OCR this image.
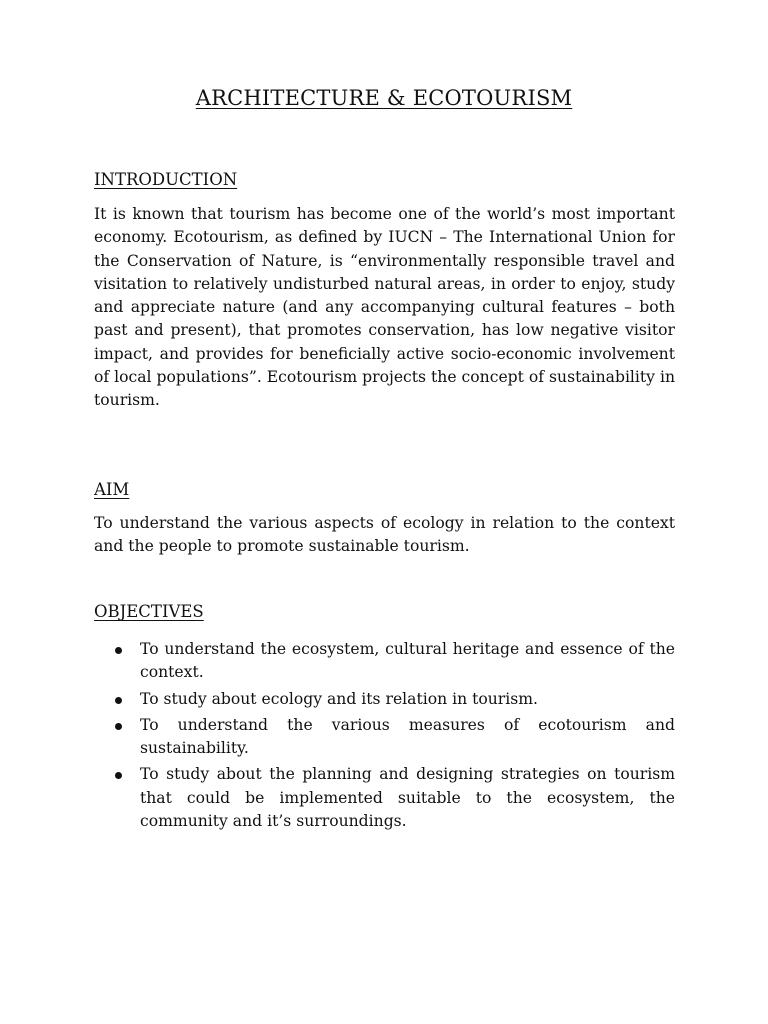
ARCHITECTURE & ECOTOURISM
INTRODUCTION

It is known that tourism has become one of the world’s most important economy. Ecotourism, as defined by IUCN – The International Union for the Conservation of Nature, is “environmentally responsible travel and visitation to relatively undisturbed natural areas, in order to enjoy, study and appreciate nature (and any accompanying cultural features – both past and present), that promotes conservation, has low negative visitor impact, and provides for beneficially active socio-economic involvement of local populations”. Ecotourism projects the concept of sustainability in tourism.

AIM

To understand the various aspects of ecology in relation to the context and the people to promote sustainable tourism.

OBJECTIVES
To understand the ecosystem, cultural heritage and essence of the context.
To study about ecology and its relation in tourism.
To understand the various measures of ecotourism and sustainability.
To study about the planning and designing strategies on tourism that could be implemented suitable to the ecosystem, the community and it’s surroundings.
